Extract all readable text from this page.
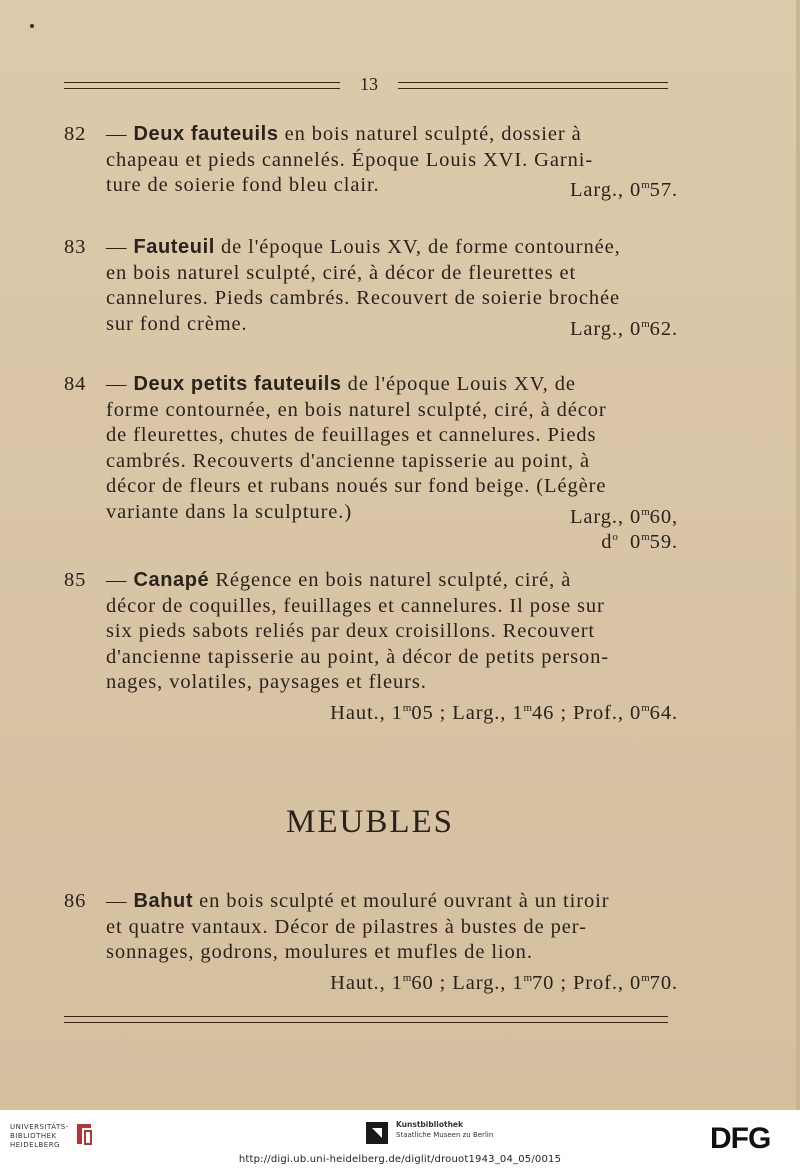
13
82 — Deux fauteuils en bois naturel sculpté, dossier à
chapeau et pieds cannelés. Époque Louis XVI. Garni-
ture de soierie fond bleu clair.	Larg., 0$^m$57.
83 — Fauteuil de l'époque Louis XV, de forme contournée,
en bois naturel sculpté, ciré, à décor de fleurettes et
cannelures. Pieds cambrés. Recouvert de soierie brochée
sur fond crème.	Larg., 0$^m$62.
84 — Deux petits fauteuils de l'époque Louis XV, de
forme contournée, en bois naturel sculpté, ciré, à décor
de fleurettes, chutes de feuillages et cannelures. Pieds
cambrés. Recouverts d'ancienne tapisserie au point, à
décor de fleurs et rubans noués sur fond beige. (Légère
variante dans la sculpture.)	Larg., 0$^m$60,
$d^o$ 0$^m$59.
85 — Canapé Régence en bois naturel sculpté, ciré, à
décor de coquilles, feuillages et cannelures. Il pose sur
six pieds sabots reliés par deux croisillons. Recouvert
d'ancienne tapisserie au point, à décor de petits person-
nages, volatiles, paysages et fleurs.
Haut., 1$^m$05 ; Larg., 1$^m$46 ; Prof., 0$^m$64.
MEUBLES
86 — Bahut en bois sculpté et mouluré ouvrant à un tiroir
et quatre vantaux. Décor de pilastres à bustes de per-
sonnages, godrons, moulures et mufles de lion.
Haut., 1$^m$60 ; Larg., 1$^m$70 ; Prof., 0$^m$70.
UNIVERSITÄTS-
BIBLIOTHEK
HEIDELBERG
Kunstbibliothek
Staatliche Museen zu Berlin	DFG
http://digi.ub.uni-heidelberg.de/diglit/drouot1943_04_05/0015
